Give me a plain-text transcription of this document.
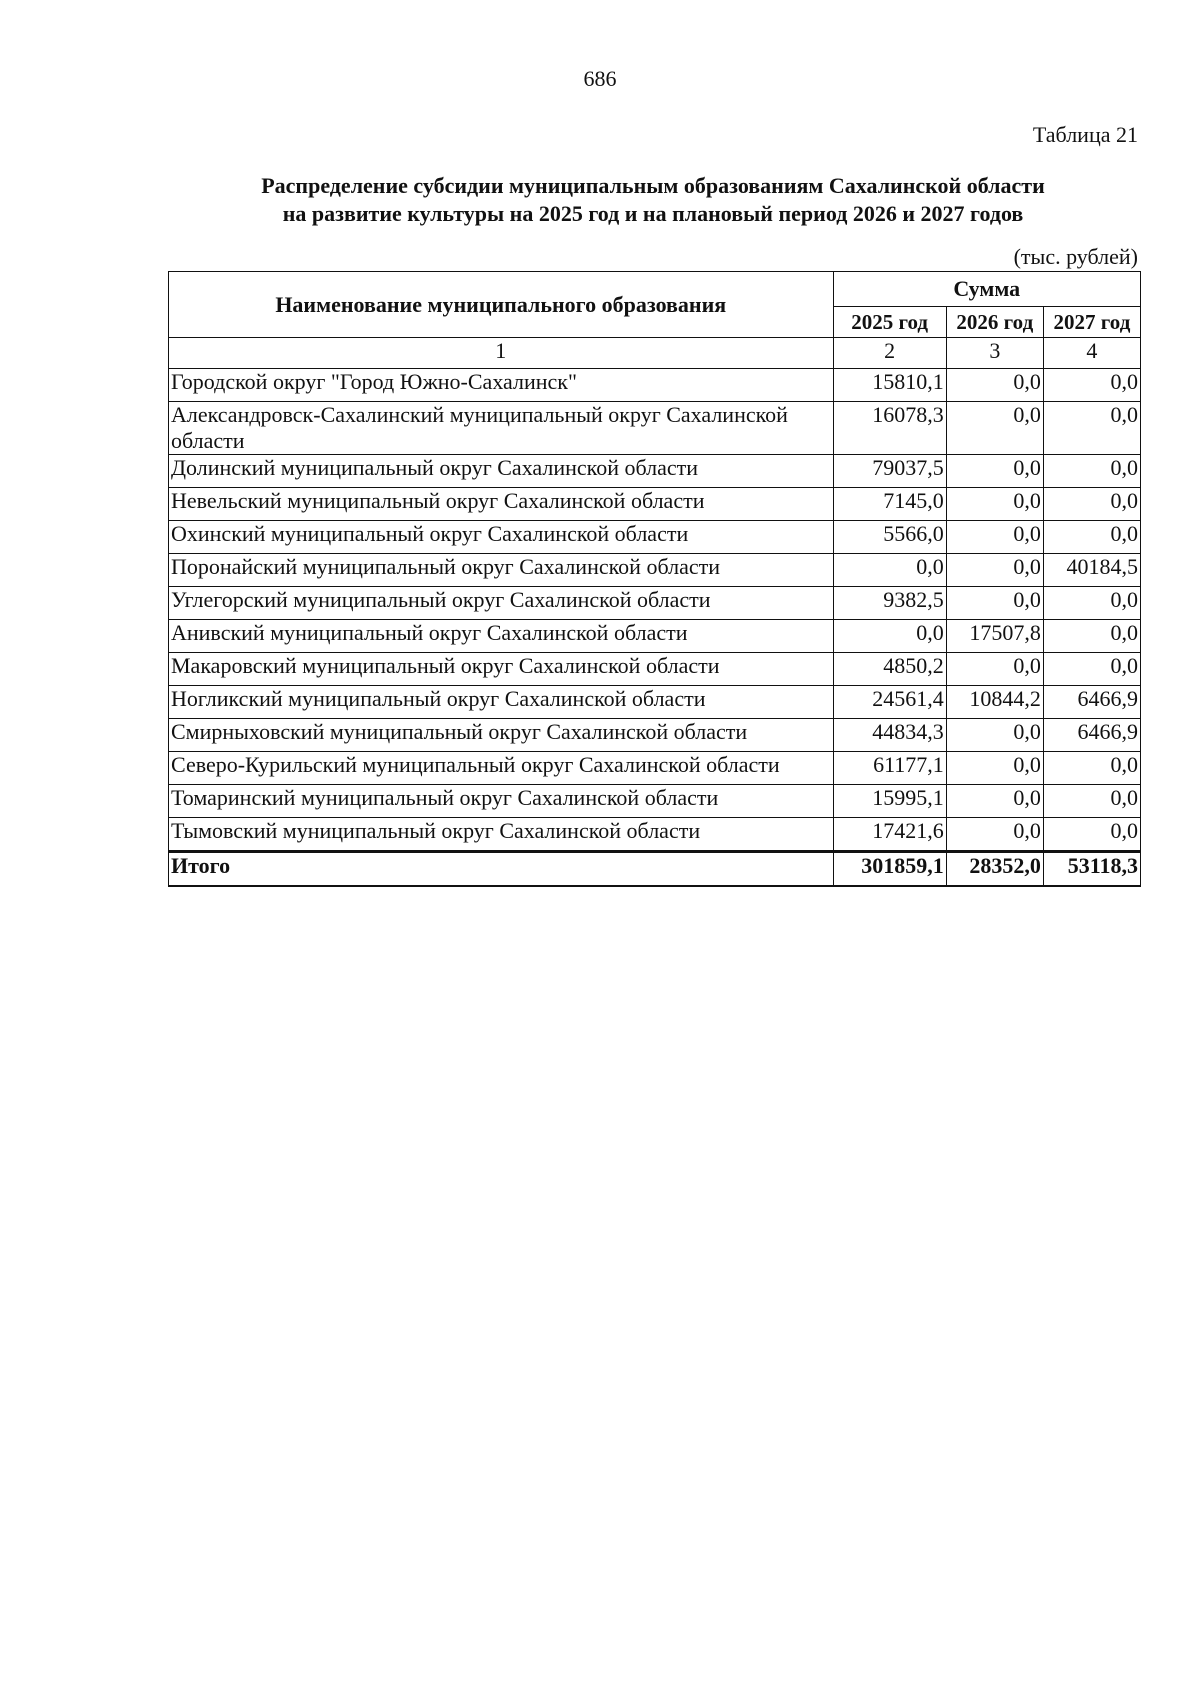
686
Таблица 21
Распределение субсидии муниципальным образованиям Сахалинской области
на развитие культуры на 2025 год и на плановый период 2026 и 2027 годов
(тыс. рублей)
Наименование муниципального образования	Сумма		
	2025 год	2026 год	2027 год
1	2	3	4
Городской округ "Город Южно-Сахалинск"	15810,1	0,0	0,0
Александровск-Сахалинский муниципальный округ Сахалинской области	16078,3	0,0	0,0
Долинский муниципальный округ Сахалинской области	79037,5	0,0	0,0
Невельский муниципальный округ Сахалинской области	7145,0	0,0	0,0
Охинский муниципальный округ Сахалинской области	5566,0	0,0	0,0
Поронайский муниципальный округ Сахалинской области	0,0	0,0	40184,5
Углегорский муниципальный округ Сахалинской области	9382,5	0,0	0,0
Анивский муниципальный округ Сахалинской области	0,0	17507,8	0,0
Макаровский муниципальный округ Сахалинской области	4850,2	0,0	0,0
Ногликский муниципальный округ Сахалинской области	24561,4	10844,2	6466,9
Смирныховский муниципальный округ Сахалинской области	44834,3	0,0	6466,9
Северо-Курильский муниципальный округ Сахалинской области	61177,1	0,0	0,0
Томаринский муниципальный округ Сахалинской области	15995,1	0,0	0,0
Тымовский муниципальный округ Сахалинской области	17421,6	0,0	0,0
Итого	301859,1	28352,0	53118,3
